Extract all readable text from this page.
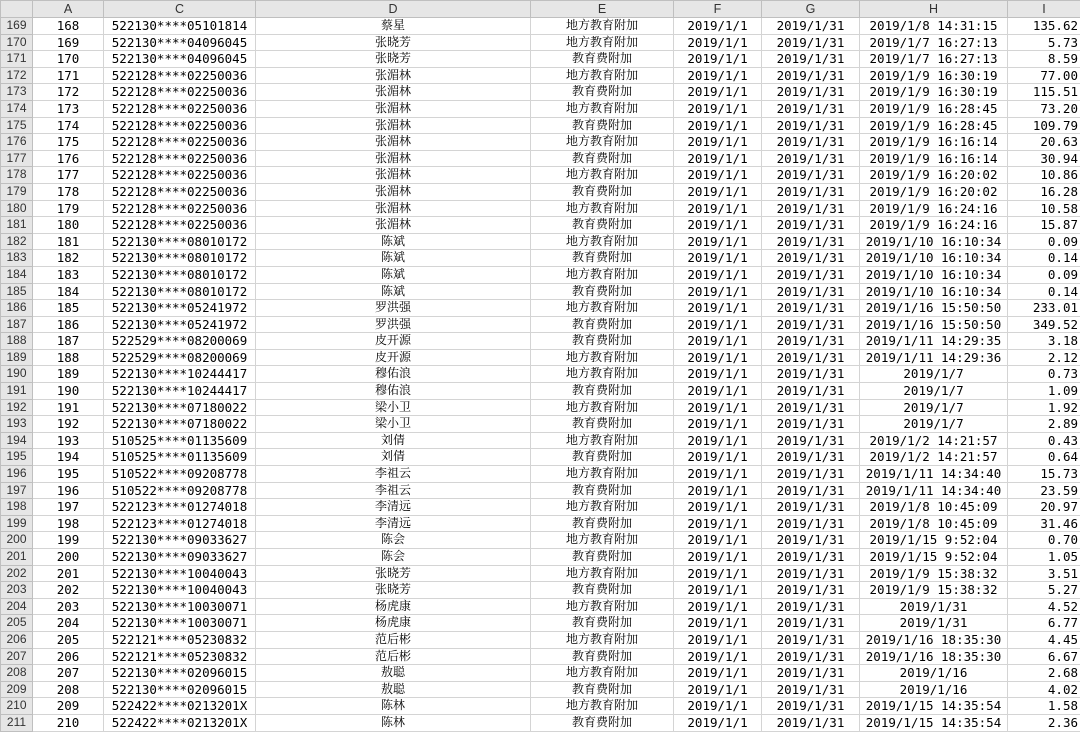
	A	C	D	E	F	G	H	I
169	168	522130****05101814	蔡星	地方教育附加	2019/1/1	2019/1/31	2019/1/8 14:31:15	135.62
170	169	522130****04096045	张晓芳	地方教育附加	2019/1/1	2019/1/31	2019/1/7 16:27:13	5.73
171	170	522130****04096045	张晓芳	教育费附加	2019/1/1	2019/1/31	2019/1/7 16:27:13	8.59
172	171	522128****02250036	张湄林	地方教育附加	2019/1/1	2019/1/31	2019/1/9 16:30:19	77.00
173	172	522128****02250036	张湄林	教育费附加	2019/1/1	2019/1/31	2019/1/9 16:30:19	115.51
174	173	522128****02250036	张湄林	地方教育附加	2019/1/1	2019/1/31	2019/1/9 16:28:45	73.20
175	174	522128****02250036	张湄林	教育费附加	2019/1/1	2019/1/31	2019/1/9 16:28:45	109.79
176	175	522128****02250036	张湄林	地方教育附加	2019/1/1	2019/1/31	2019/1/9 16:16:14	20.63
177	176	522128****02250036	张湄林	教育费附加	2019/1/1	2019/1/31	2019/1/9 16:16:14	30.94
178	177	522128****02250036	张湄林	地方教育附加	2019/1/1	2019/1/31	2019/1/9 16:20:02	10.86
179	178	522128****02250036	张湄林	教育费附加	2019/1/1	2019/1/31	2019/1/9 16:20:02	16.28
180	179	522128****02250036	张湄林	地方教育附加	2019/1/1	2019/1/31	2019/1/9 16:24:16	10.58
181	180	522128****02250036	张湄林	教育费附加	2019/1/1	2019/1/31	2019/1/9 16:24:16	15.87
182	181	522130****08010172	陈斌	地方教育附加	2019/1/1	2019/1/31	2019/1/10 16:10:34	0.09
183	182	522130****08010172	陈斌	教育费附加	2019/1/1	2019/1/31	2019/1/10 16:10:34	0.14
184	183	522130****08010172	陈斌	地方教育附加	2019/1/1	2019/1/31	2019/1/10 16:10:34	0.09
185	184	522130****08010172	陈斌	教育费附加	2019/1/1	2019/1/31	2019/1/10 16:10:34	0.14
186	185	522130****05241972	罗洪强	地方教育附加	2019/1/1	2019/1/31	2019/1/16 15:50:50	233.01
187	186	522130****05241972	罗洪强	教育费附加	2019/1/1	2019/1/31	2019/1/16 15:50:50	349.52
188	187	522529****08200069	皮开源	教育费附加	2019/1/1	2019/1/31	2019/1/11 14:29:35	3.18
189	188	522529****08200069	皮开源	地方教育附加	2019/1/1	2019/1/31	2019/1/11 14:29:36	2.12
190	189	522130****10244417	穆佑浪	地方教育附加	2019/1/1	2019/1/31	2019/1/7	0.73
191	190	522130****10244417	穆佑浪	教育费附加	2019/1/1	2019/1/31	2019/1/7	1.09
192	191	522130****07180022	梁小卫	地方教育附加	2019/1/1	2019/1/31	2019/1/7	1.92
193	192	522130****07180022	梁小卫	教育费附加	2019/1/1	2019/1/31	2019/1/7	2.89
194	193	510525****01135609	刘倩	地方教育附加	2019/1/1	2019/1/31	2019/1/2 14:21:57	0.43
195	194	510525****01135609	刘倩	教育费附加	2019/1/1	2019/1/31	2019/1/2 14:21:57	0.64
196	195	510522****09208778	李祖云	地方教育附加	2019/1/1	2019/1/31	2019/1/11 14:34:40	15.73
197	196	510522****09208778	李祖云	教育费附加	2019/1/1	2019/1/31	2019/1/11 14:34:40	23.59
198	197	522123****01274018	李清远	地方教育附加	2019/1/1	2019/1/31	2019/1/8 10:45:09	20.97
199	198	522123****01274018	李清远	教育费附加	2019/1/1	2019/1/31	2019/1/8 10:45:09	31.46
200	199	522130****09033627	陈会	地方教育附加	2019/1/1	2019/1/31	2019/1/15 9:52:04	0.70
201	200	522130****09033627	陈会	教育费附加	2019/1/1	2019/1/31	2019/1/15 9:52:04	1.05
202	201	522130****10040043	张晓芳	地方教育附加	2019/1/1	2019/1/31	2019/1/9 15:38:32	3.51
203	202	522130****10040043	张晓芳	教育费附加	2019/1/1	2019/1/31	2019/1/9 15:38:32	5.27
204	203	522130****10030071	杨虎康	地方教育附加	2019/1/1	2019/1/31	2019/1/31	4.52
205	204	522130****10030071	杨虎康	教育费附加	2019/1/1	2019/1/31	2019/1/31	6.77
206	205	522121****05230832	范后彬	地方教育附加	2019/1/1	2019/1/31	2019/1/16 18:35:30	4.45
207	206	522121****05230832	范后彬	教育费附加	2019/1/1	2019/1/31	2019/1/16 18:35:30	6.67
208	207	522130****02096015	敖聪	地方教育附加	2019/1/1	2019/1/31	2019/1/16	2.68
209	208	522130****02096015	敖聪	教育费附加	2019/1/1	2019/1/31	2019/1/16	4.02
210	209	522422****0213201X	陈林	地方教育附加	2019/1/1	2019/1/31	2019/1/15 14:35:54	1.58
211	210	522422****0213201X	陈林	教育费附加	2019/1/1	2019/1/31	2019/1/15 14:35:54	2.36
